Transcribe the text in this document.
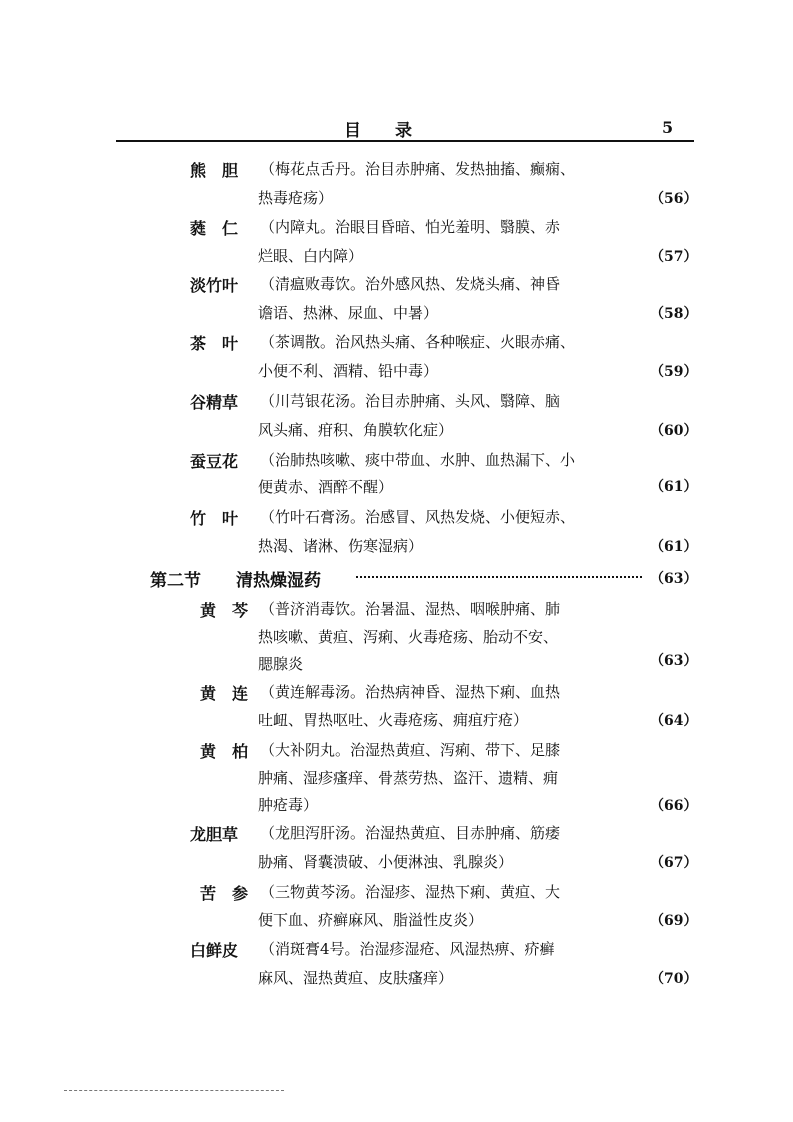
目录	5
熊　胆 （梅花点舌丹。治目赤肿痛、发热抽搐、癫痫、
热毒疮疡）	（56）
蕤　仁 （内障丸。治眼目昏暗、怕光羞明、翳膜、赤
烂眼、白内障）	（57）
淡竹叶 （清瘟败毒饮。治外感风热、发烧头痛、神昏
谵语、热淋、尿血、中暑）	（58）
茶　叶 （茶调散。治风热头痛、各种喉症、火眼赤痛、
小便不利、酒精、铅中毒）	（59）
谷精草 （川芎银花汤。治目赤肿痛、头风、翳障、脑
风头痛、疳积、角膜软化症）	（60）
蚕豆花 （治肺热咳嗽、痰中带血、水肿、血热漏下、小
便黄赤、酒醉不醒）	（61）
竹　叶 （竹叶石膏汤。治感冒、风热发烧、小便短赤、
热渴、诸淋、伤寒湿病）	（61）
第二节 清热燥湿药	（63）
黄　芩 （普济消毒饮。治暑温、湿热、咽喉肿痛、肺
热咳嗽、黄疸、泻痢、火毒疮疡、胎动不安、
腮腺炎	（63）
黄　连 （黄连解毒汤。治热病神昏、湿热下痢、血热
吐衄、胃热呕吐、火毒疮疡、痈疽疔疮）	（64）
黄　柏 （大补阴丸。治湿热黄疸、泻痢、带下、足膝
肿痛、湿疹瘙痒、骨蒸劳热、盗汗、遗精、痈
肿疮毒）	（66）
龙胆草 （龙胆泻肝汤。治湿热黄疸、目赤肿痛、筋痿
胁痛、肾囊溃破、小便淋浊、乳腺炎）	（67）
苦　参 （三物黄芩汤。治湿疹、湿热下痢、黄疸、大
便下血、疥癣麻风、脂溢性皮炎）	（69）
白鲜皮 （消斑膏4号。治湿疹湿疮、风湿热痹、疥癣
麻风、湿热黄疸、皮肤瘙痒）	（70）
